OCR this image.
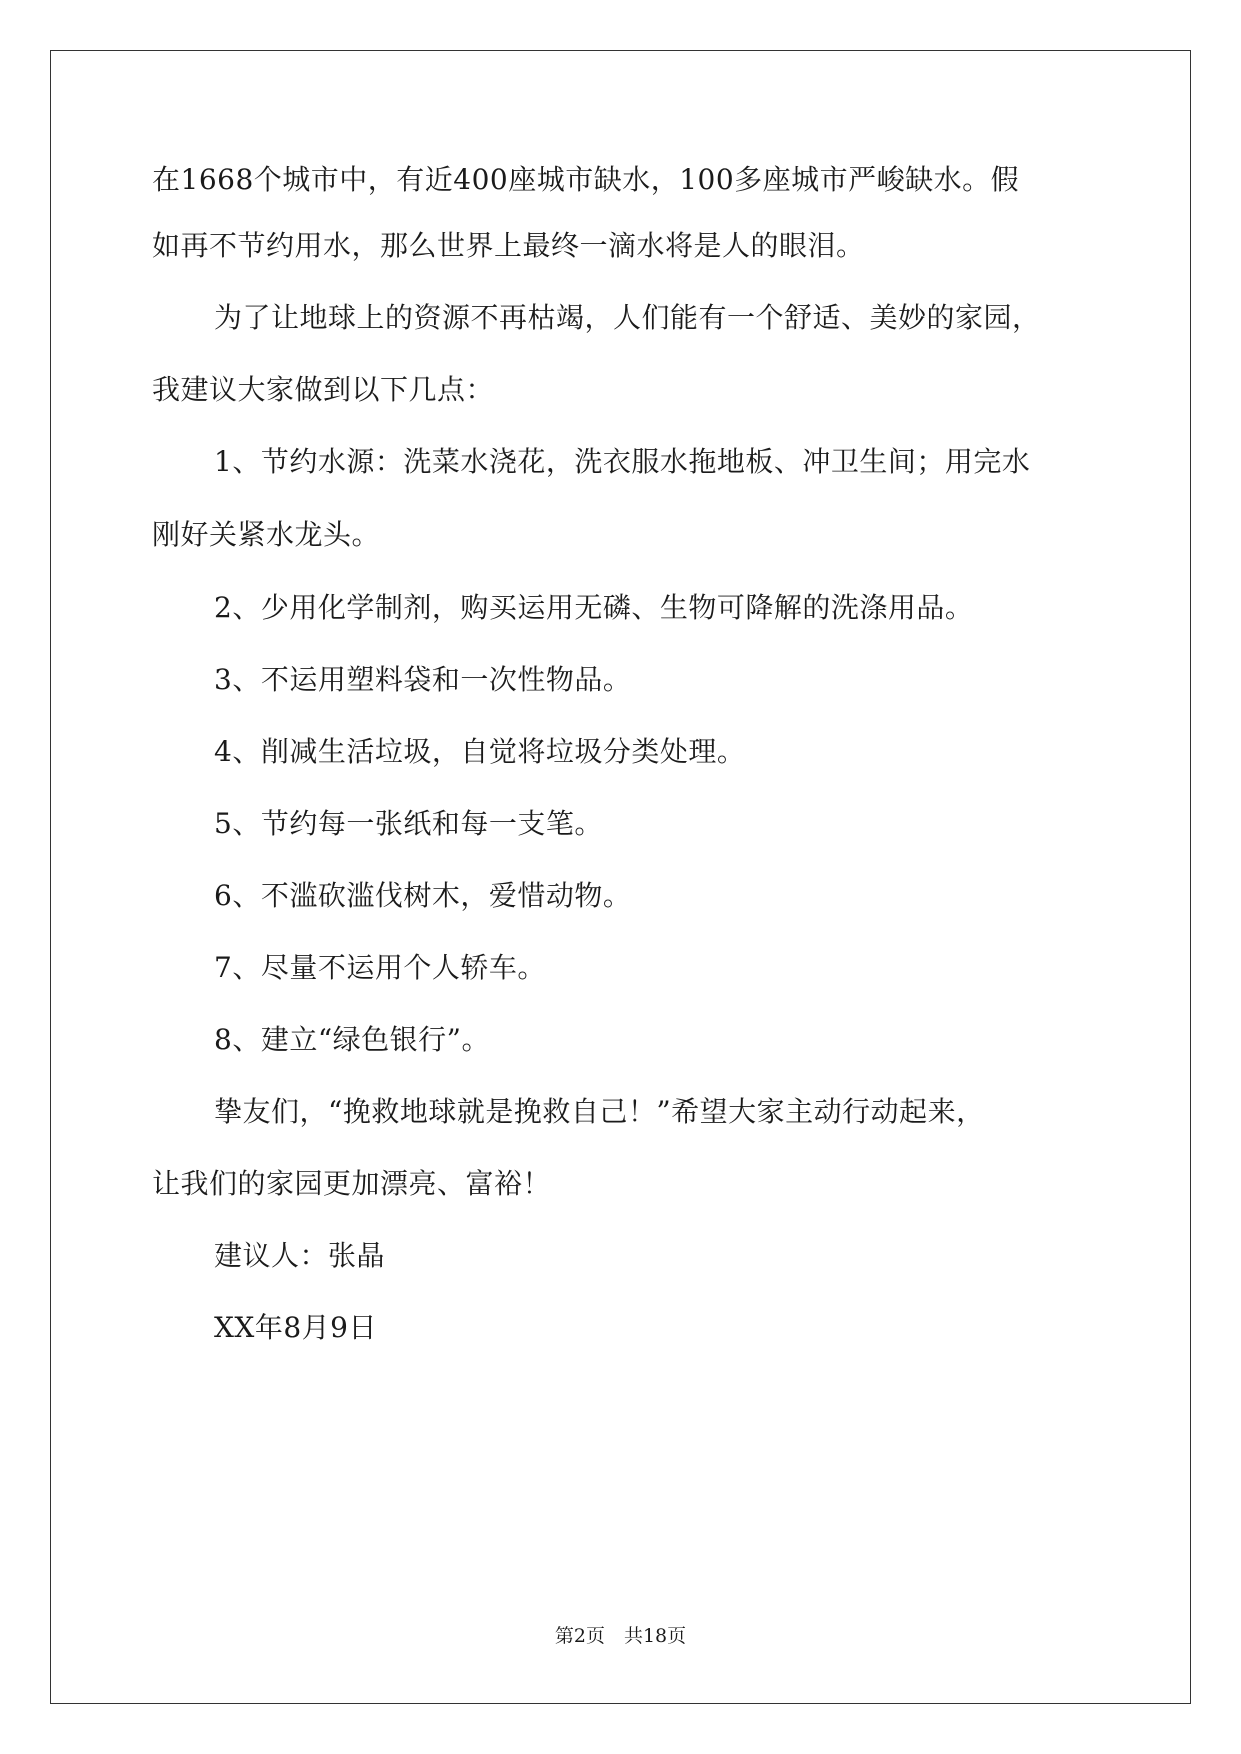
在1668个城市中，有近400座城市缺水，100多座城市严峻缺水。假
如再不节约用水，那么世界上最终一滴水将是人的眼泪。
为了让地球上的资源不再枯竭，人们能有一个舒适、美妙的家园，
我建议大家做到以下几点：
1、节约水源：洗菜水浇花，洗衣服水拖地板、冲卫生间；用完水
刚好关紧水龙头。
2、少用化学制剂，购买运用无磷、生物可降解的洗涤用品。
3、不运用塑料袋和一次性物品。
4、削减生活垃圾，自觉将垃圾分类处理。
5、节约每一张纸和每一支笔。
6、不滥砍滥伐树木，爱惜动物。
7、尽量不运用个人轿车。
8、建立“绿色银行”。
挚友们，“挽救地球就是挽救自己！”希望大家主动行动起来，
让我们的家园更加漂亮、富裕！
建议人：张晶
XX年8月9日
第2页　共18页
